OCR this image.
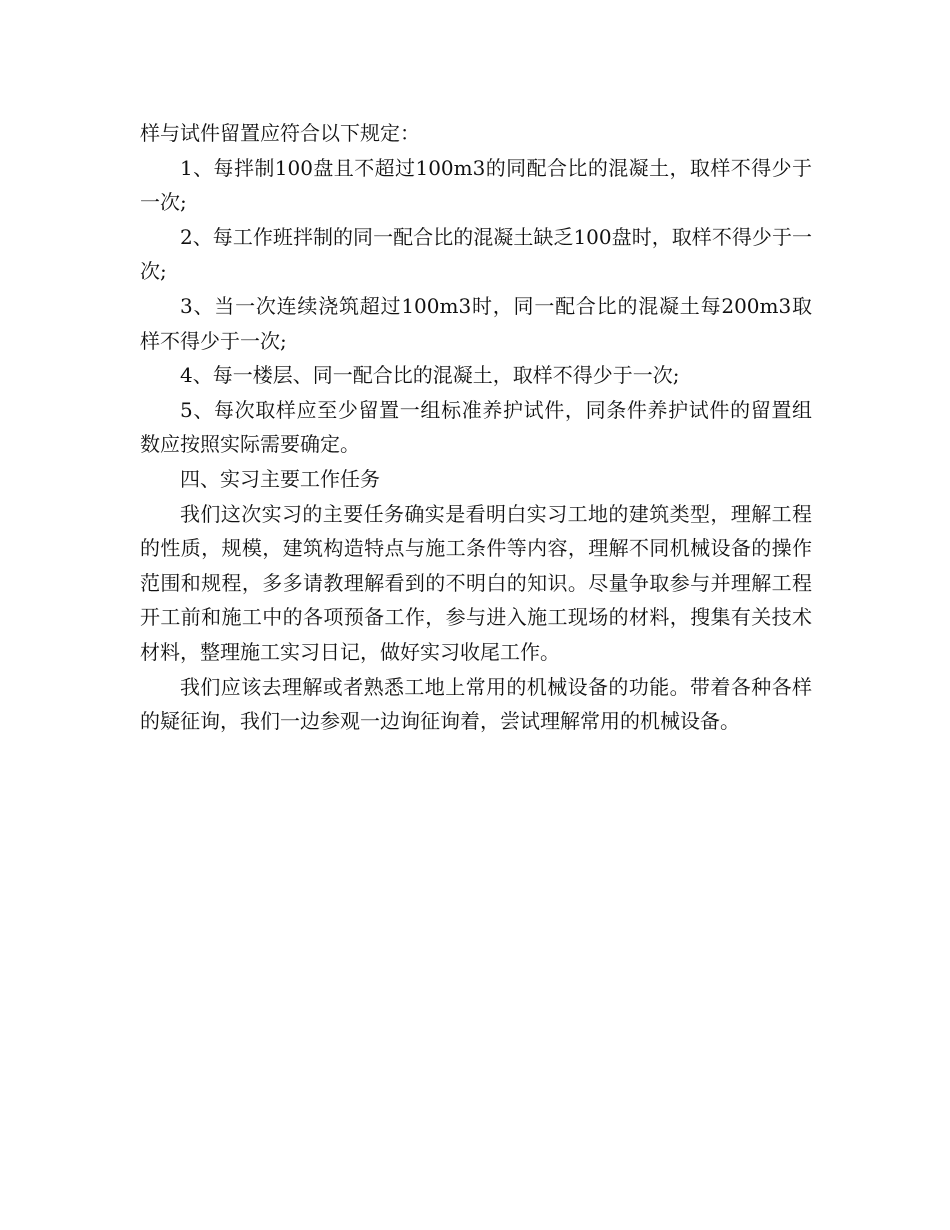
样与试件留置应符合以下规定：

1、每拌制100盘且不超过100m3的同配合比的混凝土，取样不得少于一次;

2、每工作班拌制的同一配合比的混凝土缺乏100盘时，取样不得少于一次;

3、当一次连续浇筑超过100m3时，同一配合比的混凝土每200m3取样不得少于一次;

4、每一楼层、同一配合比的混凝土，取样不得少于一次;

5、每次取样应至少留置一组标准养护试件，同条件养护试件的留置组数应按照实际需要确定。

四、实习主要工作任务

我们这次实习的主要任务确实是看明白实习工地的建筑类型，理解工程的性质，规模，建筑构造特点与施工条件等内容，理解不同机械设备的操作范围和规程，多多请教理解看到的不明白的知识。尽量争取参与并理解工程开工前和施工中的各项预备工作，参与进入施工现场的材料，搜集有关技术材料，整理施工实习日记，做好实习收尾工作。

我们应该去理解或者熟悉工地上常用的机械设备的功能。带着各种各样的疑征询，我们一边参观一边询征询着，尝试理解常用的机械设备。
